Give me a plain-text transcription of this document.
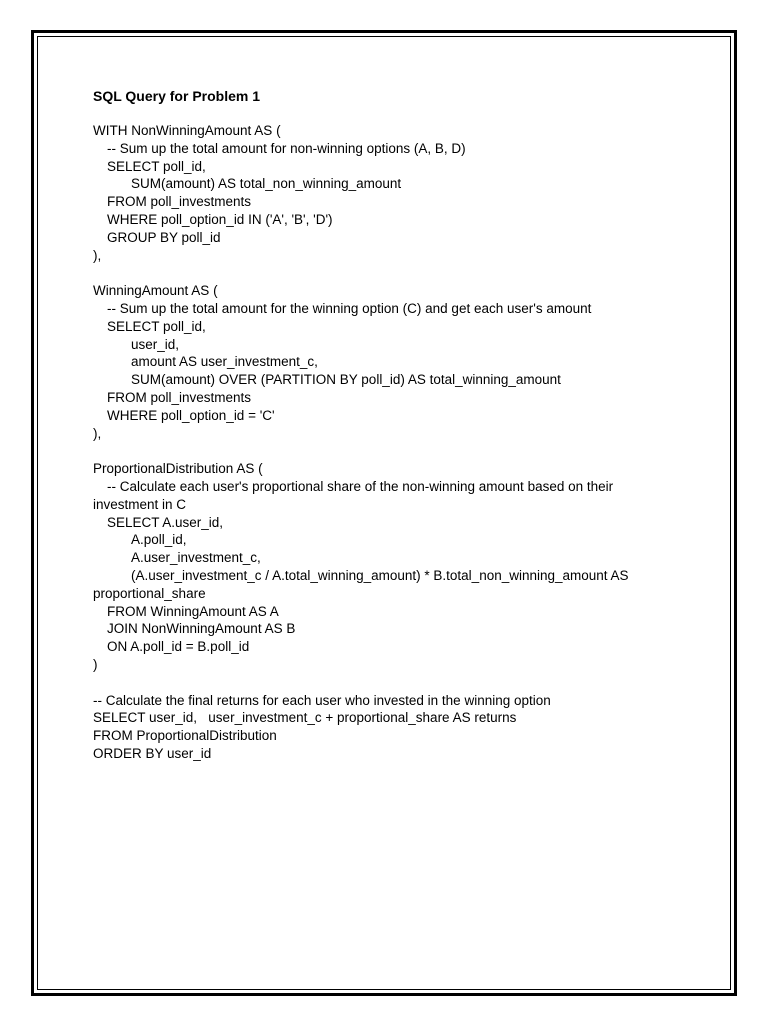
SQL Query for Problem 1
WITH NonWinningAmount AS (
-- Sum up the total amount for non-winning options (A, B, D)
SELECT poll_id,
SUM(amount) AS total_non_winning_amount
FROM poll_investments
WHERE poll_option_id IN ('A', 'B', 'D')
GROUP BY poll_id
),
WinningAmount AS (
-- Sum up the total amount for the winning option (C) and get each user's amount
SELECT poll_id,
user_id,
amount AS user_investment_c,
SUM(amount) OVER (PARTITION BY poll_id) AS total_winning_amount
FROM poll_investments
WHERE poll_option_id = 'C'
),
ProportionalDistribution AS (
-- Calculate each user's proportional share of the non-winning amount based on their
investment in C
SELECT A.user_id,
A.poll_id,
A.user_investment_c,
(A.user_investment_c / A.total_winning_amount) * B.total_non_winning_amount AS
proportional_share
FROM WinningAmount AS A
JOIN NonWinningAmount AS B
ON A.poll_id = B.poll_id
)
-- Calculate the final returns for each user who invested in the winning option
SELECT user_id,   user_investment_c + proportional_share AS returns
FROM ProportionalDistribution
ORDER BY user_id
